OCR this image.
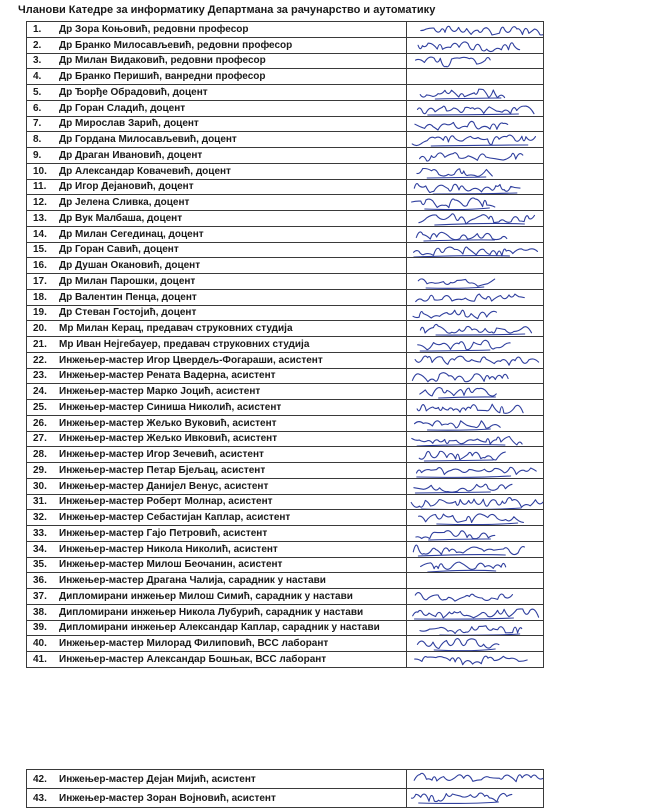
Чланови Катедре за информатику Департмана за рачунарство и аутоматику
1. Др Зора Коњовић, редовни професор	

2. Др Бранко Милосављевић, редовни професор	

3. Др Милан Видаковић, редовни професор	

4. Др Бранко Перишић, ванредни професор	
5. Др Ђорђе Обрадовић, доцент	

6. Др Горан Сладић, доцент	

7. Др Мирослав Зарић, доцент	

8. Др Гордана Милосављевић, доцент	

9. Др Драган Ивановић, доцент	

10. Др Александар Ковачевић, доцент	

11. Др Игор Дејановић, доцент	

12. Др Јелена Сливка, доцент	

13. Др Вук Малбаша, доцент	

14. Др Милан Сегединац, доцент	

15. Др Горан Савић, доцент	

16. Др Душан Окановић, доцент	
17. Др Милан Парошки, доцент	

18. Др Валентин Пенца, доцент	

19. Др Стеван Гостојић, доцент	

20. Мр Милан Керац, предавач струковних студија	

21. Мр Иван Нејгебауер, предавач струковних студија	

22. Инжењер-мастер Игор Цвердељ-Фогараши, асистент	

23. Инжењер-мастер Рената Вадерна, асистент	

24. Инжењер-мастер Марко Јоцић, асистент	

25. Инжењер-мастер Синиша Николић, асистент	

26. Инжењер-мастер Жељко Вуковић, асистент	

27. Инжењер-мастер Жељко Ивковић, асистент	

28. Инжењер-мастер Игор Зечевић, асистент	

29. Инжењер-мастер Петар Бјељац, асистент	

30. Инжењер-мастер Данијел Венус, асистент	

31. Инжењер-мастер Роберт Молнар, асистент	

32. Инжењер-мастер Себастијан Каплар, асистент	

33. Инжењер-мастер Гајо Петровић, асистент	

34. Инжењер-мастер Никола Николић, асистент	

35. Инжењер-мастер Милош Беочанин, асистент	

36. Инжењер-мастер Драгана Чалија, сарадник у настави	
37. Дипломирани инжењер Милош Симић, сарадник у настави	

38. Дипломирани инжењер Никола Лубурић, сарадник у настави	

39. Дипломирани инжењер Александар Каплар, сарадник у настави	

40. Инжењер-мастер Милорад Филиповић, ВСС лаборант	

41. Инжењер-мастер Александар Бошњак, ВСС лаборант	
42. Инжењер-мастер Дејан Мијић, асистент	

43. Инжењер-мастер Зоран Војновић, асистент	
